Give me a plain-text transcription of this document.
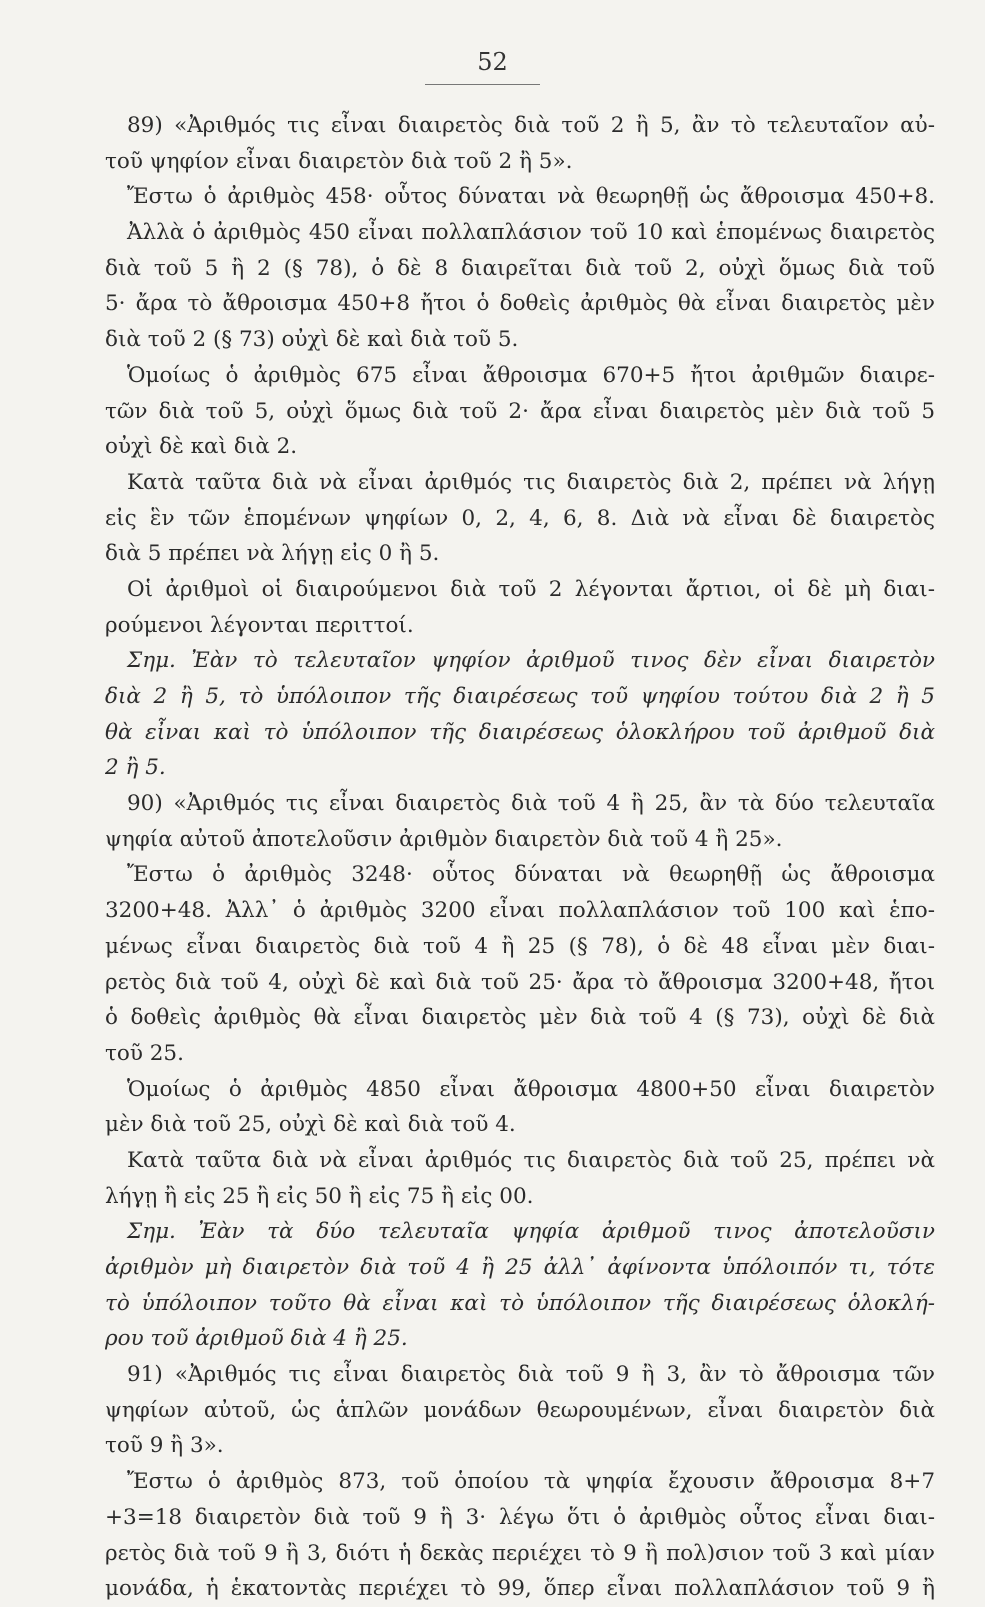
52
89) «Ἀριθμός τις εἶναι διαιρετὸς διὰ τοῦ 2 ἢ 5, ἂν τὸ τελευταῖον αὐ-
τοῦ ψηφίον εἶναι διαιρετὸν διὰ τοῦ 2 ἢ 5».
Ἔστω ὁ ἀριθμὸς 458· οὗτος δύναται νὰ θεωρηθῇ ὡς ἄθροισμα 450+8.
Ἀλλὰ ὁ ἀριθμὸς 450 εἶναι πολλαπλάσιον τοῦ 10 καὶ ἑπομένως διαιρετὸς
διὰ τοῦ 5 ἢ 2 (§ 78), ὁ δὲ 8 διαιρεῖται διὰ τοῦ 2, οὐχὶ ὅμως διὰ τοῦ
5· ἄρα τὸ ἄθροισμα 450+8 ἤτοι ὁ δοθεὶς ἀριθμὸς θὰ εἶναι διαιρετὸς μὲν
διὰ τοῦ 2 (§ 73) οὐχὶ δὲ καὶ διὰ τοῦ 5.
Ὁμοίως ὁ ἀριθμὸς 675 εἶναι ἄθροισμα 670+5 ἤτοι ἀριθμῶν διαιρε-
τῶν διὰ τοῦ 5, οὐχὶ ὅμως διὰ τοῦ 2· ἄρα εἶναι διαιρετὸς μὲν διὰ τοῦ 5
οὐχὶ δὲ καὶ διὰ 2.
Κατὰ ταῦτα διὰ νὰ εἶναι ἀριθμός τις διαιρετὸς διὰ 2, πρέπει νὰ λήγῃ
εἰς ἓν τῶν ἑπομένων ψηφίων 0, 2, 4, 6, 8. Διὰ νὰ εἶναι δὲ διαιρετὸς
διὰ 5 πρέπει νὰ λήγῃ εἰς 0 ἢ 5.
Οἱ ἀριθμοὶ οἱ διαιρούμενοι διὰ τοῦ 2 λέγονται ἄρτιοι, οἱ δὲ μὴ διαι-
ρούμενοι λέγονται περιττοί.
Σημ. Ἐὰν τὸ τελευταῖον ψηφίον ἀριθμοῦ τινος δὲν εἶναι διαιρετὸν
διὰ 2 ἢ 5, τὸ ὑπόλοιπον τῆς διαιρέσεως τοῦ ψηφίου τούτου διὰ 2 ἢ 5
θὰ εἶναι καὶ τὸ ὑπόλοιπον τῆς διαιρέσεως ὁλοκλήρου τοῦ ἀριθμοῦ διὰ
2 ἢ 5.
90) «Ἀριθμός τις εἶναι διαιρετὸς διὰ τοῦ 4 ἢ 25, ἂν τὰ δύο τελευταῖα
ψηφία αὐτοῦ ἀποτελοῦσιν ἀριθμὸν διαιρετὸν διὰ τοῦ 4 ἢ 25».
Ἔστω ὁ ἀριθμὸς 3248· οὗτος δύναται νὰ θεωρηθῇ ὡς ἄθροισμα
3200+48. Ἀλλ᾽ ὁ ἀριθμὸς 3200 εἶναι πολλαπλάσιον τοῦ 100 καὶ ἑπο-
μένως εἶναι διαιρετὸς διὰ τοῦ 4 ἢ 25 (§ 78), ὁ δὲ 48 εἶναι μὲν διαι-
ρετὸς διὰ τοῦ 4, οὐχὶ δὲ καὶ διὰ τοῦ 25· ἄρα τὸ ἄθροισμα 3200+48, ἤτοι
ὁ δοθεὶς ἀριθμὸς θὰ εἶναι διαιρετὸς μὲν διὰ τοῦ 4 (§ 73), οὐχὶ δὲ διὰ
τοῦ 25.
Ὁμοίως ὁ ἀριθμὸς 4850 εἶναι ἄθροισμα 4800+50 εἶναι διαιρετὸν
μὲν διὰ τοῦ 25, οὐχὶ δὲ καὶ διὰ τοῦ 4.
Κατὰ ταῦτα διὰ νὰ εἶναι ἀριθμός τις διαιρετὸς διὰ τοῦ 25, πρέπει νὰ
λήγῃ ἢ εἰς 25 ἢ εἰς 50 ἢ εἰς 75 ἢ εἰς 00.
Σημ. Ἐὰν τὰ δύο τελευταῖα ψηφία ἀριθμοῦ τινος ἀποτελοῦσιν
ἀριθμὸν μὴ διαιρετὸν διὰ τοῦ 4 ἢ 25 ἀλλ᾽ ἀφίνοντα ὑπόλοιπόν τι, τότε
τὸ ὑπόλοιπον τοῦτο θὰ εἶναι καὶ τὸ ὑπόλοιπον τῆς διαιρέσεως ὁλοκλή-
ρου τοῦ ἀριθμοῦ διὰ 4 ἢ 25.
91) «Ἀριθμός τις εἶναι διαιρετὸς διὰ τοῦ 9 ἢ 3, ἂν τὸ ἄθροισμα τῶν
ψηφίων αὐτοῦ, ὡς ἁπλῶν μονάδων θεωρουμένων, εἶναι διαιρετὸν διὰ
τοῦ 9 ἢ 3».
Ἔστω ὁ ἀριθμὸς 873, τοῦ ὁποίου τὰ ψηφία ἔχουσιν ἄθροισμα 8+7
+3=18 διαιρετὸν διὰ τοῦ 9 ἢ 3· λέγω ὅτι ὁ ἀριθμὸς οὗτος εἶναι διαι-
ρετὸς διὰ τοῦ 9 ἢ 3, διότι ἡ δεκὰς περιέχει τὸ 9 ἢ πολ)σιον τοῦ 3 καὶ μίαν
μονάδα, ἡ ἑκατοντὰς περιέχει τὸ 99, ὅπερ εἶναι πολλαπλάσιον τοῦ 9 ἢ
